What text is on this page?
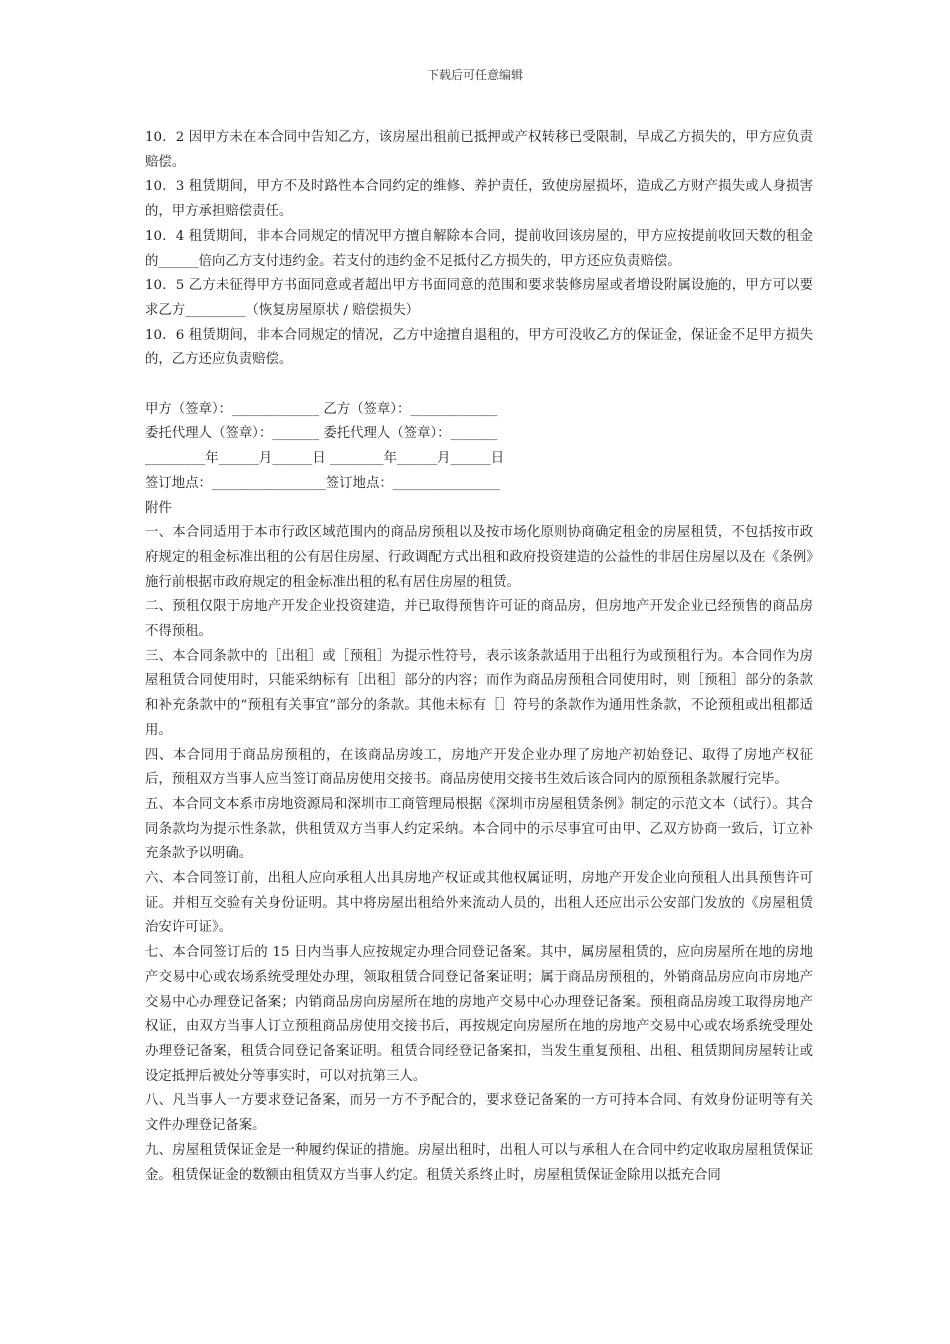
下载后可任意编辑

10．2 因甲方未在本合同中告知乙方，该房屋出租前已抵押或产权转移已受限制，早成乙方损失的，甲方应负责赔偿。

10．3 租赁期间，甲方不及时路性本合同约定的维修、养护责任，致使房屋损坏，造成乙方财产损失或人身损害的，甲方承担赔偿责任。

10．4 租赁期间，非本合同规定的情况甲方擅自解除本合同，提前收回该房屋的，甲方应按提前收回天数的租金的______倍向乙方支付违约金。若支付的违约金不足抵付乙方损失的，甲方还应负责赔偿。

10．5 乙方未征得甲方书面同意或者超出甲方书面同意的范围和要求装修房屋或者增设附属设施的，甲方可以要求乙方_________（恢复房屋原状 / 赔偿损失）

10．6 租赁期间，非本合同规定的情况，乙方中途擅自退租的，甲方可没收乙方的保证金，保证金不足甲方损失的，乙方还应负责赔偿。

甲方（签章）：_____________ 乙方（签章）：_____________

委托代理人（签章）：_______ 委托代理人（签章）：_______

_________年______月______日 ________年______月______日

签订地点：_________________签订地点：________________

附件

一、本合同适用于本市行政区域范围内的商品房预租以及按市场化原则协商确定租金的房屋租赁，不包括按市政府规定的租金标准出租的公有居住房屋、行政调配方式出租和政府投资建造的公益性的非居住房屋以及在《条例》施行前根据市政府规定的租金标准出租的私有居住房屋的租赁。

二、预租仅限于房地产开发企业投资建造，并已取得预售许可证的商品房，但房地产开发企业已经预售的商品房不得预租。

三、本合同条款中的［出租］或［预租］为提示性符号，表示该条款适用于出租行为或预租行为。本合同作为房屋租赁合同使用时，只能采纳标有［出租］部分的内容；而作为商品房预租合同使用时，则［预租］部分的条款和补充条款中的“预租有关事宜”部分的条款。其他未标有［］符号的条款作为通用性条款，不论预租或出租都适用。

四、本合同用于商品房预租的，在该商品房竣工，房地产开发企业办理了房地产初始登记、取得了房地产权征后，预租双方当事人应当签订商品房使用交接书。商品房使用交接书生效后该合同内的原预租条款履行完毕。

五、本合同文本系市房地资源局和深圳市工商管理局根据《深圳市房屋租赁条例》制定的示范文本（试行）。其合同条款均为提示性条款，供租赁双方当事人约定采纳。本合同中的示尽事宜可由甲、乙双方协商一致后，订立补充条款予以明确。

六、本合同签订前，出租人应向承租人出具房地产权证或其他权属证明，房地产开发企业向预租人出具预售许可证。并相互交验有关身份证明。其中将房屋出租给外来流动人员的，出租人还应出示公安部门发放的《房屋租赁治安许可证》。

七、本合同签订后的 15 日内当事人应按规定办理合同登记备案。其中，属房屋租赁的，应向房屋所在地的房地产交易中心或农场系统受理处办理，领取租赁合同登记备案证明；属于商品房预租的，外销商品房应向市房地产交易中心办理登记备案；内销商品房向房屋所在地的房地产交易中心办理登记备案。预租商品房竣工取得房地产权证，由双方当事人订立预租商品房使用交接书后，再按规定向房屋所在地的房地产交易中心或农场系统受理处办理登记备案，租赁合同登记备案证明。租赁合同经登记备案扣，当发生重复预租、出租、租赁期间房屋转让或设定抵押后被处分等事实时，可以对抗第三人。

八、凡当事人一方要求登记备案，而另一方不予配合的，要求登记备案的一方可持本合同、有效身份证明等有关文件办理登记备案。

九、房屋租赁保证金是一种履约保证的措施。房屋出租时，出租人可以与承租人在合同中约定收取房屋租赁保证金。租赁保证金的数额由租赁双方当事人约定。租赁关系终止时，房屋租赁保证金除用以抵充合同
